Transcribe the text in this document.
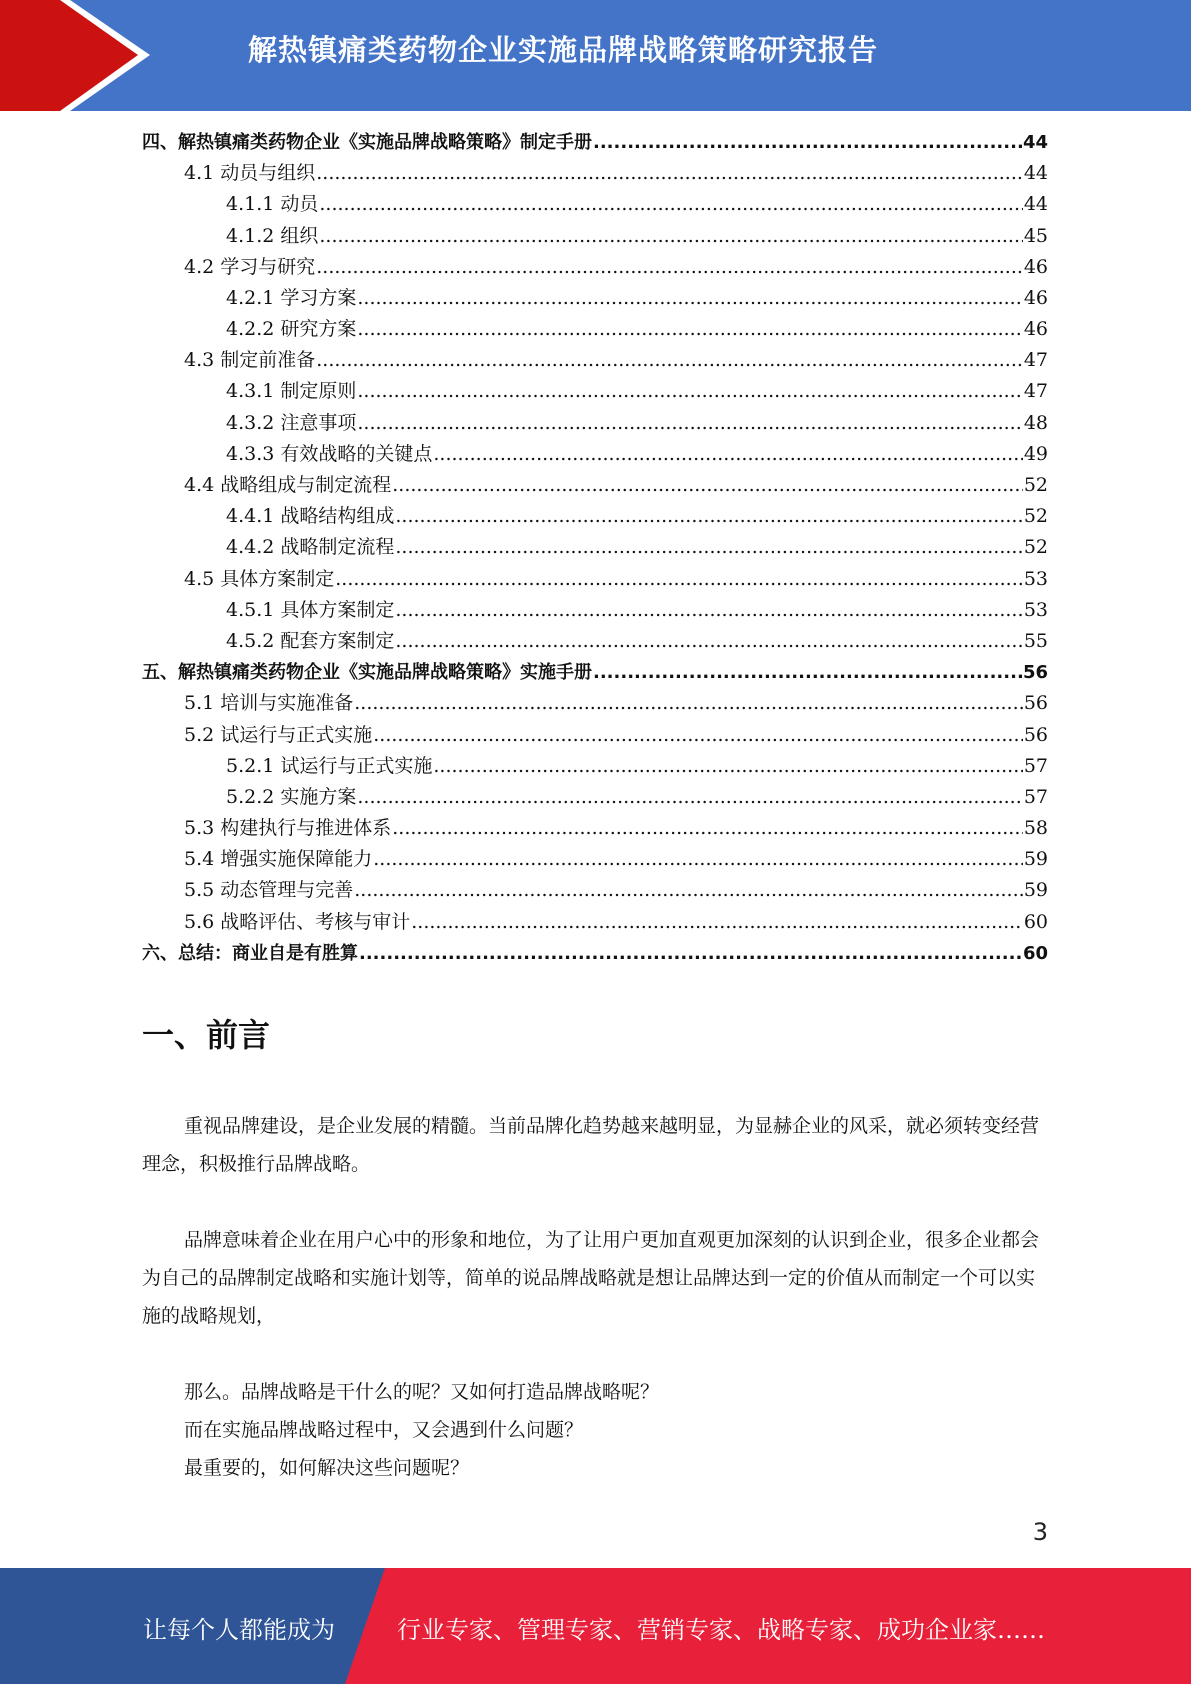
解热镇痛类药物企业实施品牌战略策略研究报告
四、解热镇痛类药物企业《实施品牌战略策略》制定手册 .....	44
4.1 动员与组织 .....	44
4.1.1 动员 .....	44
4.1.2 组织 .....	45
4.2 学习与研究 .....	46
4.2.1 学习方案 .....	46
4.2.2 研究方案 .....	46
4.3 制定前准备 .....	47
4.3.1 制定原则 .....	47
4.3.2 注意事项 .....	48
4.3.3 有效战略的关键点 .....	49
4.4 战略组成与制定流程 .....	52
4.4.1 战略结构组成 .....	52
4.4.2 战略制定流程 .....	52
4.5 具体方案制定 .....	53
4.5.1 具体方案制定 .....	53
4.5.2 配套方案制定 .....	55
五、解热镇痛类药物企业《实施品牌战略策略》实施手册 .....	56
5.1 培训与实施准备 .....	56
5.2 试运行与正式实施 .....	56
5.2.1 试运行与正式实施 .....	57
5.2.2 实施方案 .....	57
5.3 构建执行与推进体系 .....	58
5.4 增强实施保障能力 .....	59
5.5 动态管理与完善 .....	59
5.6 战略评估、考核与审计 .....	60
六、总结：商业自是有胜算 .....	60
一、前言
重视品牌建设，是企业发展的精髓。当前品牌化趋势越来越明显，为显赫企业的风采，就必须转变经营理念，积极推行品牌战略。
品牌意味着企业在用户心中的形象和地位，为了让用户更加直观更加深刻的认识到企业，很多企业都会为自己的品牌制定战略和实施计划等，简单的说品牌战略就是想让品牌达到一定的价值从而制定一个可以实施的战略规划，
那么。品牌战略是干什么的呢？又如何打造品牌战略呢？
而在实施品牌战略过程中，又会遇到什么问题？
最重要的，如何解决这些问题呢？
3
让每个人都能成为	行业专家、管理专家、营销专家、战略专家、成功企业家……
